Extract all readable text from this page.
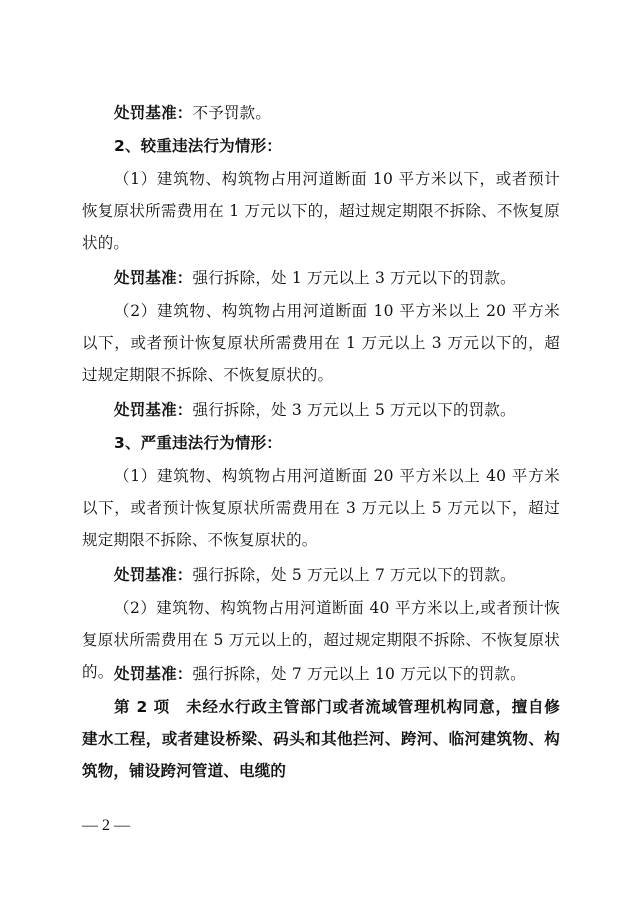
处罚基准：不予罚款。

2、较重违法行为情形：

（1）建筑物、构筑物占用河道断面 10 平方米以下，或者预计恢复原状所需费用在 1 万元以下的，超过规定期限不拆除、不恢复原状的。

处罚基准：强行拆除，处 1 万元以上 3 万元以下的罚款。

（2）建筑物、构筑物占用河道断面 10 平方米以上 20 平方米以下，或者预计恢复原状所需费用在 1 万元以上 3 万元以下的，超过规定期限不拆除、不恢复原状的。

处罚基准：强行拆除，处 3 万元以上 5 万元以下的罚款。

3、严重违法行为情形：

（1）建筑物、构筑物占用河道断面 20 平方米以上 40 平方米以下，或者预计恢复原状所需费用在 3 万元以上 5 万元以下，超过规定期限不拆除、不恢复原状的。

处罚基准：强行拆除，处 5 万元以上 7 万元以下的罚款。

（2）建筑物、构筑物占用河道断面 40 平方米以上,或者预计恢复原状所需费用在 5 万元以上的，超过规定期限不拆除、不恢复原状的。 处罚基准：强行拆除，处 7 万元以上 10 万元以下的罚款。

第 2 项　未经水行政主管部门或者流域管理机构同意，擅自修建水工程，或者建设桥梁、码头和其他拦河、跨河、临河建筑物、构筑物，铺设跨河管道、电缆的

— 2 —
